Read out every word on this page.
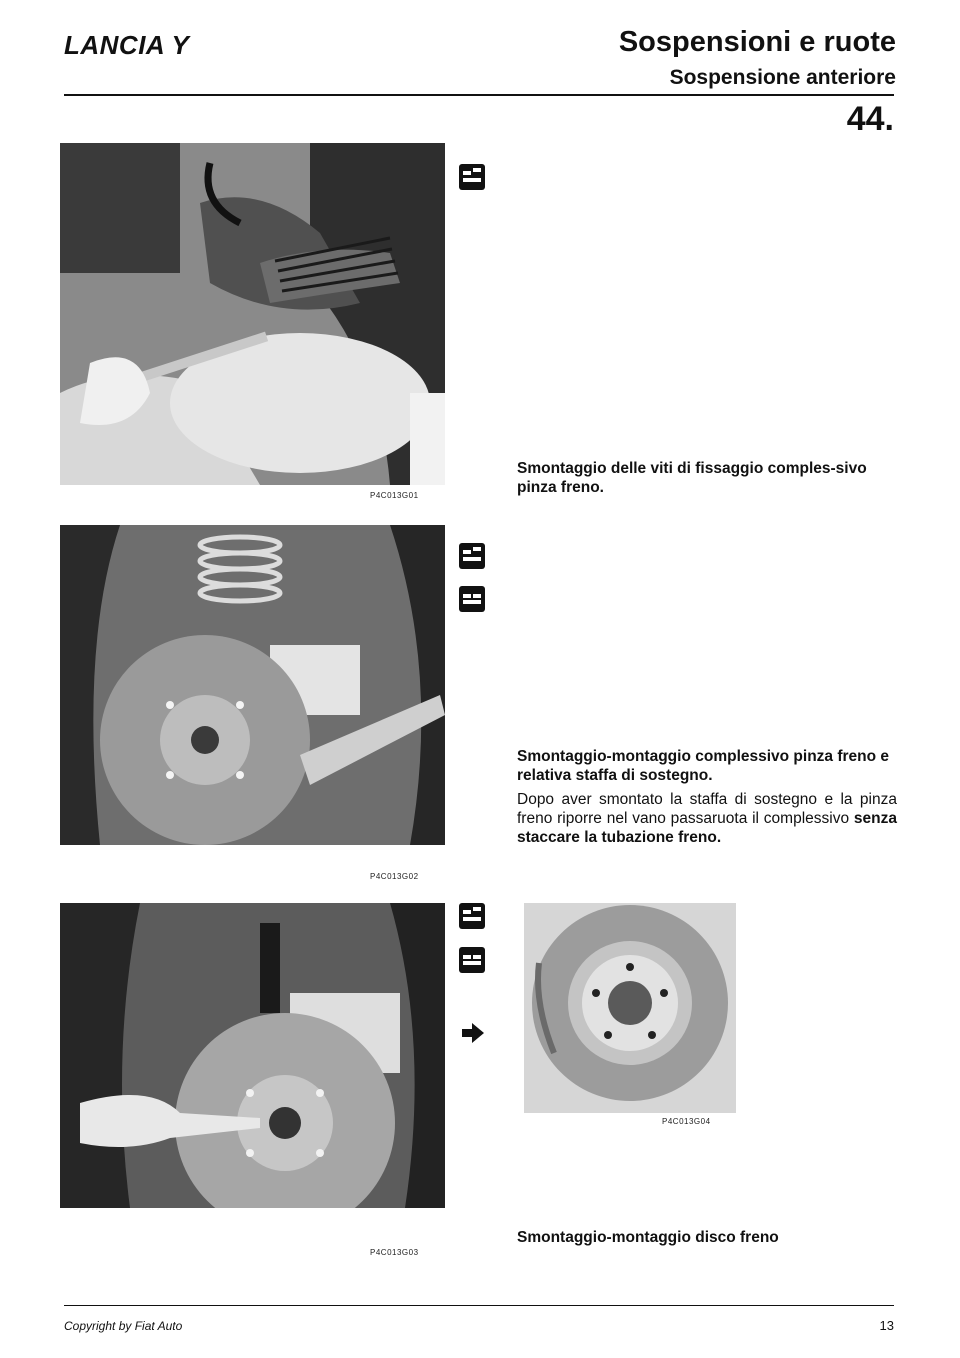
LANCIA Y	Sospensioni e ruote
Sospensione anteriore
44.
P4C013G01
Smontaggio delle viti di fissaggio comples-sivo pinza freno.
P4C013G02
Smontaggio-montaggio complessivo pinza freno e relativa staffa di sostegno.
Dopo aver smontato la staffa di sostegno e la pinza freno riporre nel vano passaruota il complessivo senza staccare la tubazione freno.
P4C013G03
P4C013G04
Smontaggio-montaggio disco freno
Copyright by Fiat Auto	13
